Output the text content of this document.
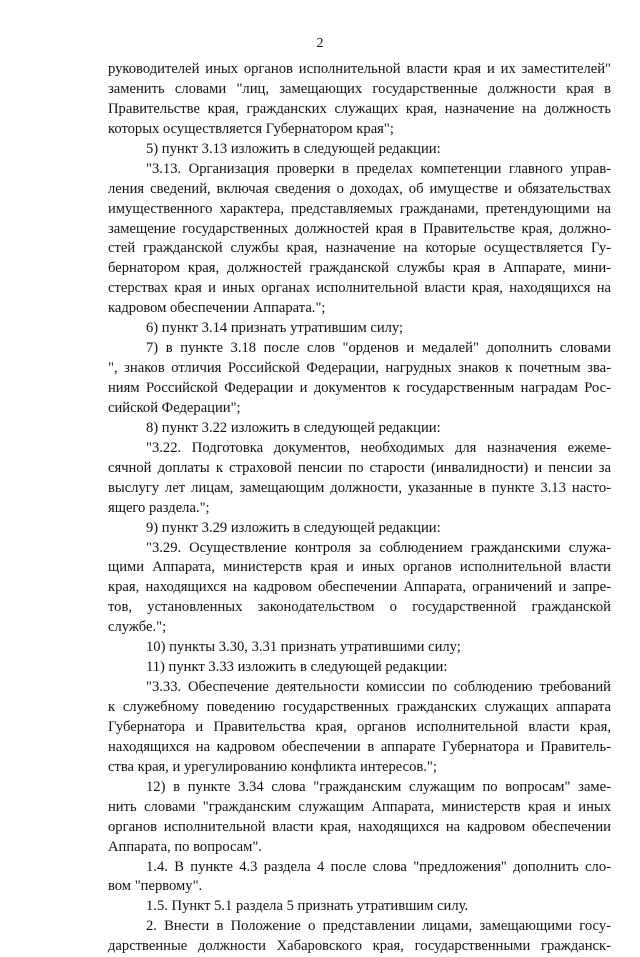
2
руководителей иных органов исполнительной власти края и их заместителей"
заменить словами "лиц, замещающих государственные должности края в
Правительстве края, гражданских служащих края, назначение на должность
которых осуществляется Губернатором края";
5) пункт 3.13 изложить в следующей редакции:
"3.13. Организация проверки в пределах компетенции главного управ-
ления сведений, включая сведения о доходах, об имуществе и обязательствах
имущественного характера, представляемых гражданами, претендующими на
замещение государственных должностей края в Правительстве края, должно-
стей гражданской службы края, назначение на которые осуществляется Гу-
бернатором края, должностей гражданской службы края в Аппарате, мини-
стерствах края и иных органах исполнительной власти края, находящихся на
кадровом обеспечении Аппарата.";
6) пункт 3.14 признать утратившим силу;
7) в пункте 3.18 после слов "орденов и медалей" дополнить словами
", знаков отличия Российской Федерации, нагрудных знаков к почетным зва-
ниям Российской Федерации и документов к государственным наградам Рос-
сийской Федерации";
8) пункт 3.22 изложить в следующей редакции:
"3.22. Подготовка документов, необходимых для назначения ежеме-
сячной доплаты к страховой пенсии по старости (инвалидности) и пенсии за
выслугу лет лицам, замещающим должности, указанные в пункте 3.13 насто-
ящего раздела.";
9) пункт 3.29 изложить в следующей редакции:
"3.29. Осуществление контроля за соблюдением гражданскими служа-
щими Аппарата, министерств края и иных органов исполнительной власти
края, находящихся на кадровом обеспечении Аппарата, ограничений и запре-
тов, установленных законодательством о государственной гражданской
службе.";
10) пункты 3.30, 3.31 признать утратившими силу;
11) пункт 3.33 изложить в следующей редакции:
"3.33. Обеспечение деятельности комиссии по соблюдению требований
к служебному поведению государственных гражданских служащих аппарата
Губернатора и Правительства края, органов исполнительной власти края,
находящихся на кадровом обеспечении в аппарате Губернатора и Правитель-
ства края, и урегулированию конфликта интересов.";
12) в пункте 3.34 слова "гражданским служащим по вопросам" заме-
нить словами "гражданским служащим Аппарата, министерств края и иных
органов исполнительной власти края, находящихся на кадровом обеспечении
Аппарата, по вопросам".
1.4. В пункте 4.3 раздела 4 после слова "предложения" дополнить сло-
вом "первому".
1.5. Пункт 5.1 раздела 5 признать утратившим силу.
2. Внести в Положение о представлении лицами, замещающими госу-
дарственные должности Хабаровского края, государственными гражданск-
